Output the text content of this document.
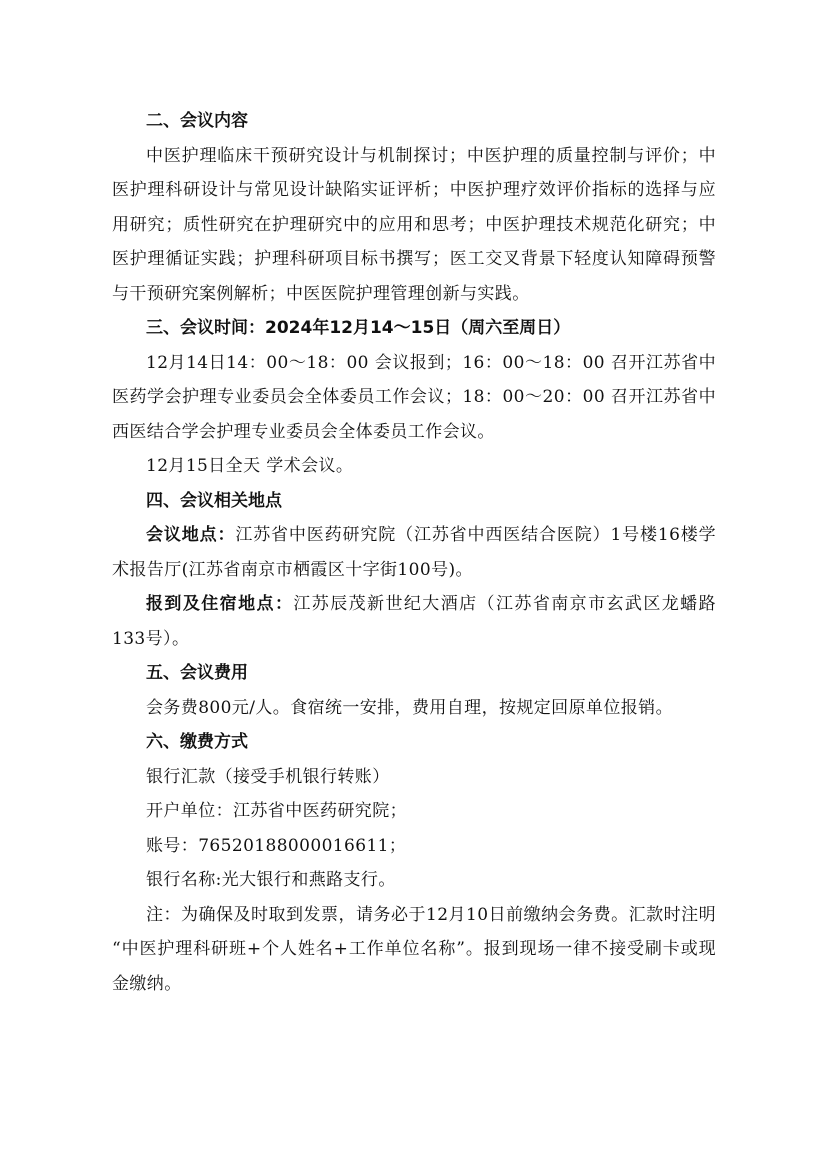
二、会议内容

中医护理临床干预研究设计与机制探讨；中医护理的质量控制与评价；中医护理科研设计与常见设计缺陷实证评析；中医护理疗效评价指标的选择与应用研究；质性研究在护理研究中的应用和思考；中医护理技术规范化研究；中医护理循证实践；护理科研项目标书撰写；医工交叉背景下轻度认知障碍预警与干预研究案例解析；中医医院护理管理创新与实践。

三、会议时间：2024年12月14～15日（周六至周日）

12月14日14：00～18：00 会议报到；16：00～18：00 召开江苏省中医药学会护理专业委员会全体委员工作会议；18：00～20：00 召开江苏省中西医结合学会护理专业委员会全体委员工作会议。

12月15日全天 学术会议。

四、会议相关地点

会议地点：江苏省中医药研究院（江苏省中西医结合医院）1号楼16楼学术报告厅(江苏省南京市栖霞区十字街100号)。

报到及住宿地点：江苏辰茂新世纪大酒店（江苏省南京市玄武区龙蟠路133号）。

五、会议费用

会务费800元/人。食宿统一安排，费用自理，按规定回原单位报销。

六、缴费方式

银行汇款（接受手机银行转账）

开户单位：江苏省中医药研究院；

账号：76520188000016611；

银行名称:光大银行和燕路支行。

注：为确保及时取到发票，请务必于12月10日前缴纳会务费。汇款时注明 “中医护理科研班+个人姓名+工作单位名称”。报到现场一律不接受刷卡或现金缴纳。
